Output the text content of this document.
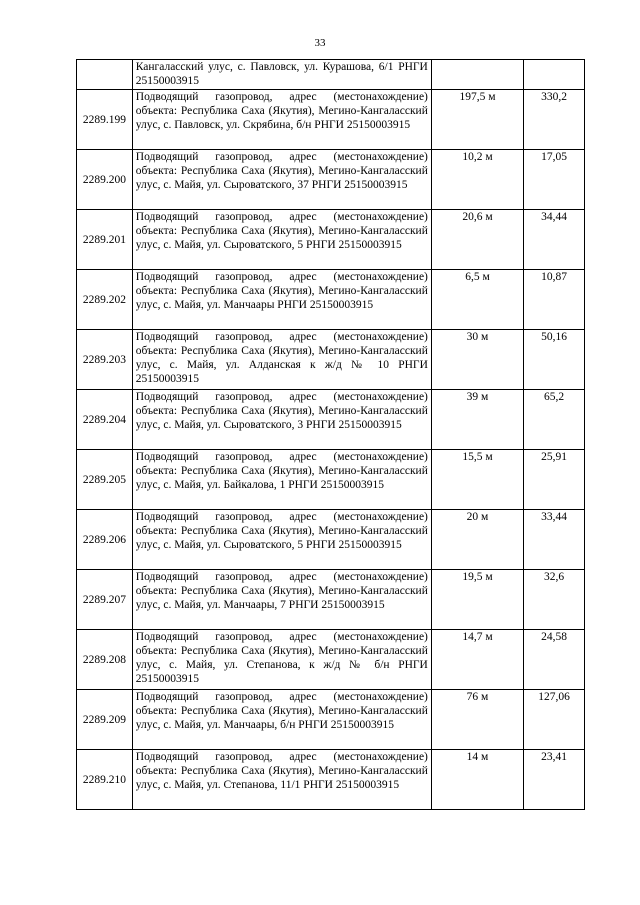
33
	Кангаласский улус, с. Павловск, ул. Курашова, 6/1 РНГИ 25150003915		
2289.199	Подводящий газопровод, адрес (местонахождение) объекта: Республика Саха (Якутия), Мегино-Кангаласский улус, с. Павловск, ул. Скрябина, б/н РНГИ 25150003915	197,5 м	330,2
2289.200	Подводящий газопровод, адрес (местонахождение) объекта: Республика Саха (Якутия), Мегино-Кангаласский улус, с. Майя, ул. Сыроватского, 37 РНГИ 25150003915	10,2 м	17,05
2289.201	Подводящий газопровод, адрес (местонахождение) объекта: Республика Саха (Якутия), Мегино-Кангаласский улус, с. Майя, ул. Сыроватского, 5 РНГИ 25150003915	20,6 м	34,44
2289.202	Подводящий газопровод, адрес (местонахождение) объекта: Республика Саха (Якутия), Мегино-Кангаласский улус, с. Майя, ул. Манчаары РНГИ 25150003915	6,5 м	10,87
2289.203	Подводящий газопровод, адрес (местонахождение) объекта: Республика Саха (Якутия), Мегино-Кангаласский улус, с. Майя, ул. Алданская к ж/д № 10 РНГИ 25150003915	30 м	50,16
2289.204	Подводящий газопровод, адрес (местонахождение) объекта: Республика Саха (Якутия), Мегино-Кангаласский улус, с. Майя, ул. Сыроватского, 3 РНГИ 25150003915	39 м	65,2
2289.205	Подводящий газопровод, адрес (местонахождение) объекта: Республика Саха (Якутия), Мегино-Кангаласский улус, с. Майя, ул. Байкалова, 1 РНГИ 25150003915	15,5 м	25,91
2289.206	Подводящий газопровод, адрес (местонахождение) объекта: Республика Саха (Якутия), Мегино-Кангаласский улус, с. Майя, ул. Сыроватского, 5 РНГИ 25150003915	20 м	33,44
2289.207	Подводящий газопровод, адрес (местонахождение) объекта: Республика Саха (Якутия), Мегино-Кангаласский улус, с. Майя, ул. Манчаары, 7 РНГИ 25150003915	19,5 м	32,6
2289.208	Подводящий газопровод, адрес (местонахождение) объекта: Республика Саха (Якутия), Мегино-Кангаласский улус, с. Майя, ул. Степанова, к ж/д № б/н РНГИ 25150003915	14,7 м	24,58
2289.209	Подводящий газопровод, адрес (местонахождение) объекта: Республика Саха (Якутия), Мегино-Кангаласский улус, с. Майя, ул. Манчаары, б/н РНГИ 25150003915	76 м	127,06
2289.210	Подводящий газопровод, адрес (местонахождение) объекта: Республика Саха (Якутия), Мегино-Кангаласский улус, с. Майя, ул. Степанова, 11/1 РНГИ 25150003915	14 м	23,41
